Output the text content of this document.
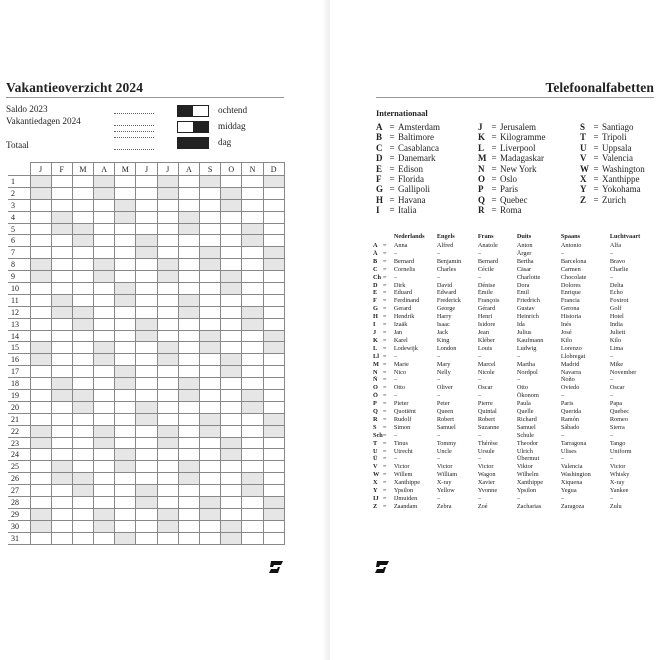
Vakantieoverzicht 2024
Saldo 2023
Vakantiedagen 2024
Totaal
ochtend
middag
dag
	J	F	M	A	M	J	J	A	S	O	N	D
1												
2												
3												
4												
5												
6												
7												
8												
9												
10												
11												
12												
13												
14												
15												
16												
17												
18												
19												
20												
21												
22												
23												
24												
25												
26												
27												
28												
29												
30												
31												
Telefoonalfabetten
Internationaal
A = Amsterdam
B = Baltimore
C = Casablanca
D = Danemark
E = Edison
F = Florida
G = Gallipoli
H = Havana
I = Italia
J = Jerusalem
K = Kilogramme
L = Liverpool
M = Madagaskar
N = New York
O = Oslo
P = Paris
Q = Quebec
R = Roma
S = Santiago
T = Tripoli
U = Uppsala
V = Valencia
W = Washington
X = Xanthippe
Y = Yokohama
Z = Zurich
		Nederlands	Engels	Frans	Duits	Spaans	Luchtvaart
A	=	Anna	Alfred	Anatole	Anton	Antonio	Alfa
Ä	=	–	–	–	Ärger	–	–
B	=	Bernard	Benjamin	Bernard	Bertha	Barcelona	Bravo
C	=	Cornelis	Charles	Cécile	Cäsar	Carmen	Charlie
Ch	=	–	–	–	Charlotte	Chocolate	–
D	=	Dirk	David	Dénise	Dora	Dolores	Delta
E	=	Eduard	Edward	Émile	Emil	Enrique	Echo
F	=	Ferdinand	Frederick	François	Friedrich	Francia	Foxtrot
G	=	Gerard	George	Gérard	Gustav	Gerona	Golf
H	=	Hendrik	Harry	Henri	Heinrich	Historia	Hotel
I	=	Izaäk	Isaac	Isidore	Ida	Inés	India
J	=	Jan	Jack	Jean	Julius	José	Juliett
K	=	Karel	King	Kléber	Kaufmann	Kilo	Kilo
L	=	Lodewijk	London	Louis	Ludwig	Lorenzo	Lima
Ll	=	–	–	–	–	Llobregat	–
M	=	Marie	Mary	Marcel	Martha	Madrid	Mike
N	=	Nico	Nelly	Nicole	Nordpol	Navarra	November
Ñ	=	–	–	–	–	Ñoño	–
O	=	Otto	Oliver	Oscar	Otto	Oviedo	Oscar
Ö	=	–	–	–	Ökonom	–	–
P	=	Pieter	Peter	Pierre	Paula	Paris	Papa
Q	=	Quotiënt	Queen	Quintal	Quelle	Querida	Quebec
R	=	Rudolf	Robert	Robert	Richard	Ramón	Romeo
S	=	Simon	Samuel	Suzanne	Samuel	Sábado	Sierra
Sch	=	–	–	–	Schule	–	–
T	=	Tinus	Tommy	Thérèse	Theodor	Tarragona	Tango
U	=	Utrecht	Uncle	Ursule	Ulrich	Ulises	Uniform
Ü	=	–	–	–	Übermut	–	–
V	=	Victor	Victor	Victor	Viktor	Valencia	Victor
W	=	Willem	William	Wagon	Wilhelm	Washington	Whisky
X	=	Xanthippe	X-ray	Xavier	Xanthippe	Xiquena	X-ray
Y	=	Ypsilon	Yellow	Yvonne	Ypsilon	Yegua	Yankee
IJ	=	IJmuiden	–	–	–	–	–
Z	=	Zaandam	Zebra	Zoé	Zacharias	Zaragoza	Zulu
